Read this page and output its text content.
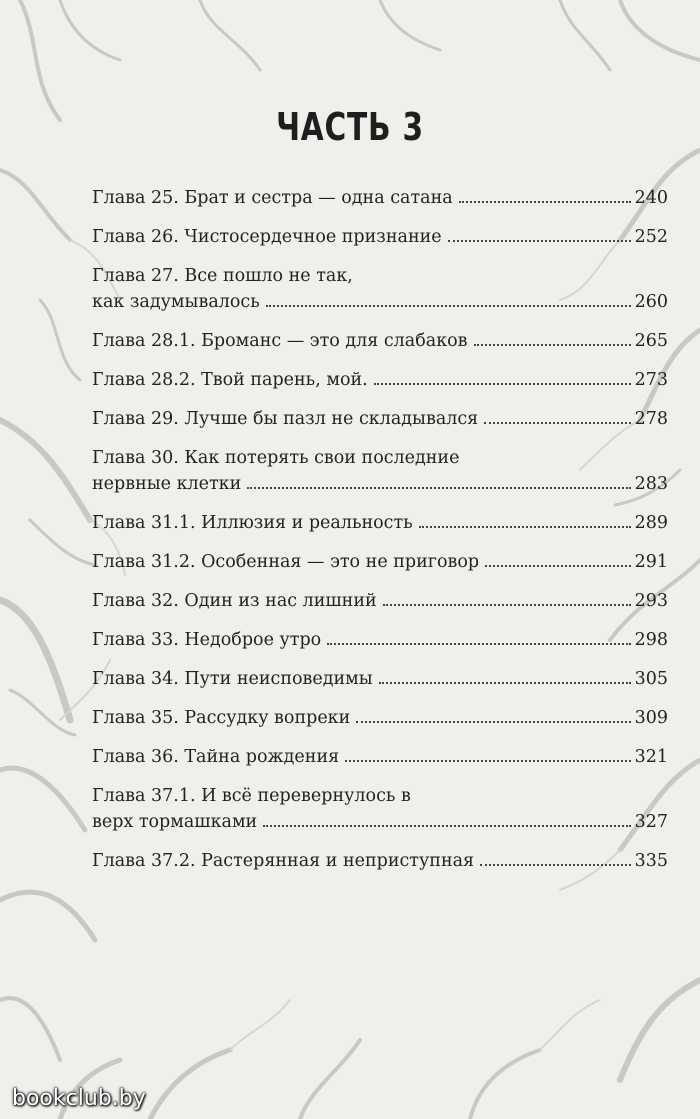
ЧАСТЬ 3
Глава 25. Брат и сестра — одна сатана	240
Глава 26. Чистосердечное признание	252
Глава 27. Все пошло не так,
как задумывалось	260
Глава 28.1. Броманс — это для слабаков	265
Глава 28.2. Твой парень, мой.	273
Глава 29. Лучше бы пазл не складывался	278
Глава 30. Как потерять свои последние
нервные клетки	283
Глава 31.1. Иллюзия и реальность	289
Глава 31.2. Особенная — это не приговор	291
Глава 32. Один из нас лишний	293
Глава 33. Недоброе утро	298
Глава 34. Пути неисповедимы	305
Глава 35. Рассудку вопреки	309
Глава 36. Тайна рождения	321
Глава 37.1. И всё перевернулось в
верх тормашками	327
Глава 37.2. Растерянная и неприступная	335
bookclub.by
